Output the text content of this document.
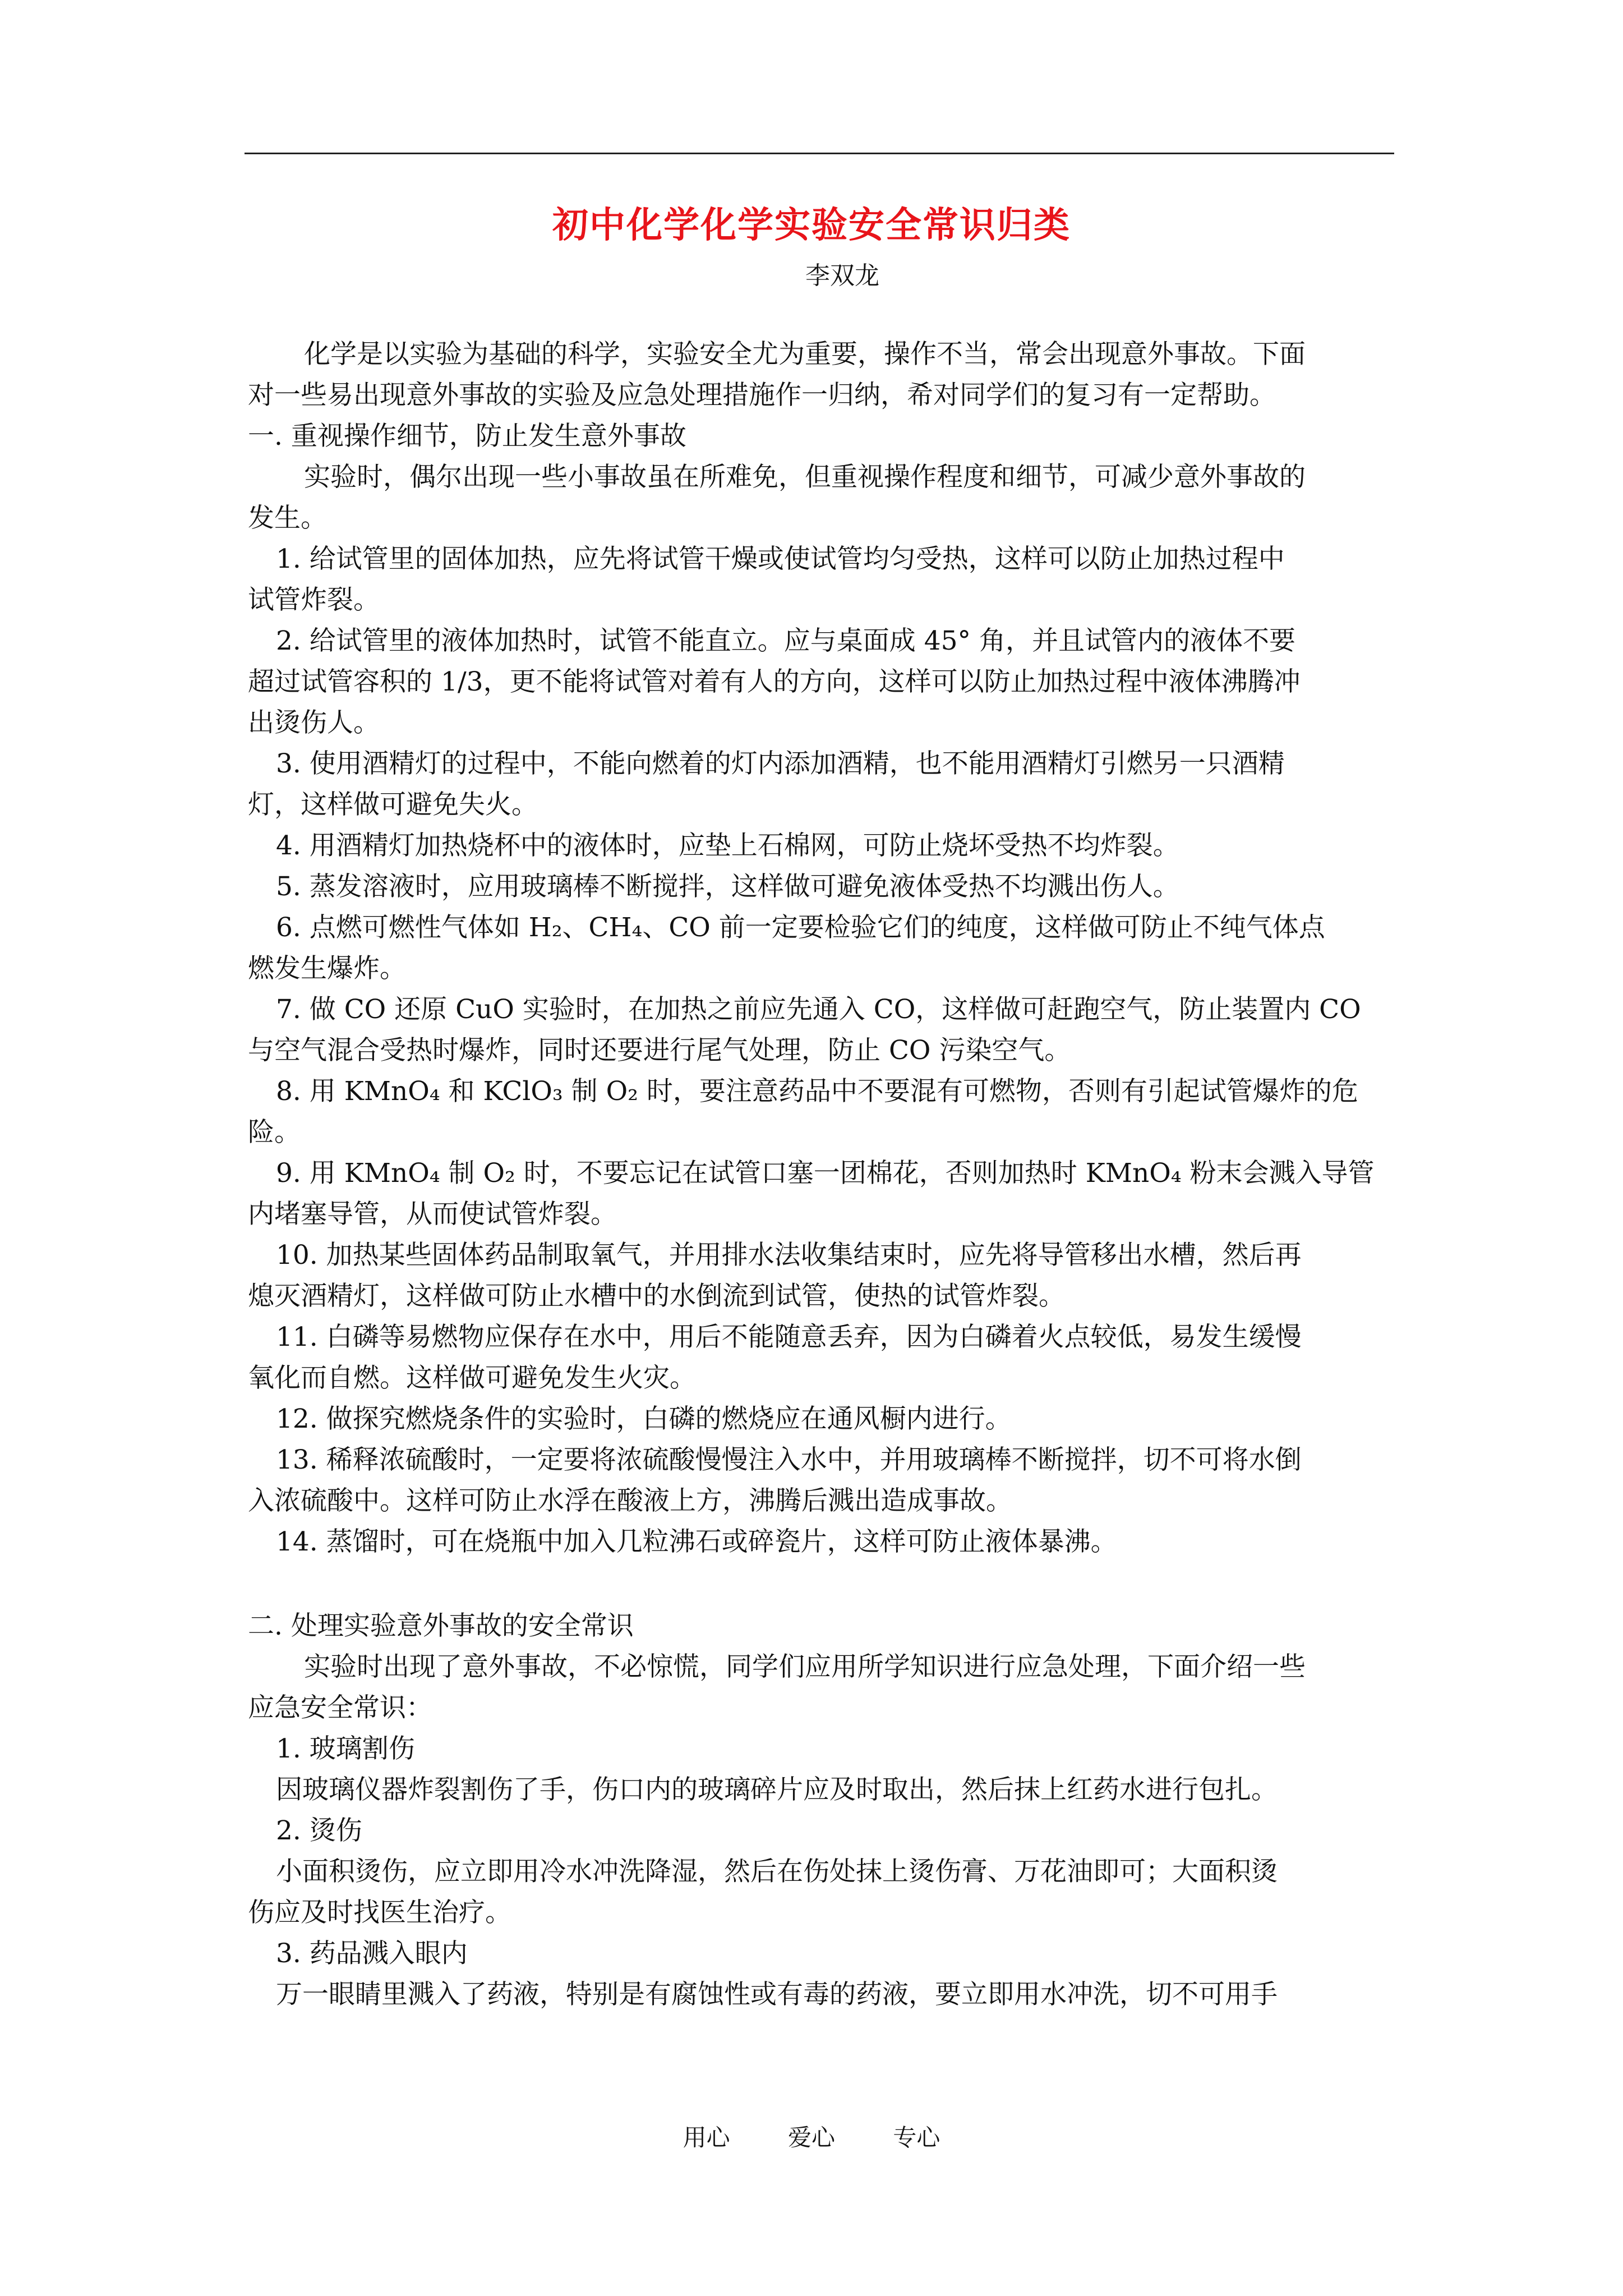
初中化学化学实验安全常识归类
李双龙
化学是以实验为基础的科学，实验安全尤为重要，操作不当，常会出现意外事故。下面
对一些易出现意外事故的实验及应急处理措施作一归纳，希对同学们的复习有一定帮助。
一. 重视操作细节，防止发生意外事故
实验时，偶尔出现一些小事故虽在所难免，但重视操作程度和细节，可减少意外事故的
发生。
1. 给试管里的固体加热，应先将试管干燥或使试管均匀受热，这样可以防止加热过程中
试管炸裂。
2. 给试管里的液体加热时，试管不能直立。应与桌面成 45° 角，并且试管内的液体不要
超过试管容积的 1/3，更不能将试管对着有人的方向，这样可以防止加热过程中液体沸腾冲
出烫伤人。
3. 使用酒精灯的过程中，不能向燃着的灯内添加酒精，也不能用酒精灯引燃另一只酒精
灯，这样做可避免失火。
4. 用酒精灯加热烧杯中的液体时，应垫上石棉网，可防止烧坏受热不均炸裂。
5. 蒸发溶液时，应用玻璃棒不断搅拌，这样做可避免液体受热不均溅出伤人。
6. 点燃可燃性气体如 H₂、CH₄、CO 前一定要检验它们的纯度，这样做可防止不纯气体点
燃发生爆炸。
7. 做 CO 还原 CuO 实验时，在加热之前应先通入 CO，这样做可赶跑空气，防止装置内 CO
与空气混合受热时爆炸，同时还要进行尾气处理，防止 CO 污染空气。
8. 用 KMnO₄ 和 KClO₃ 制 O₂ 时，要注意药品中不要混有可燃物，否则有引起试管爆炸的危
险。
9. 用 KMnO₄ 制 O₂ 时，不要忘记在试管口塞一团棉花，否则加热时 KMnO₄ 粉末会溅入导管
内堵塞导管，从而使试管炸裂。
10. 加热某些固体药品制取氧气，并用排水法收集结束时，应先将导管移出水槽，然后再
熄灭酒精灯，这样做可防止水槽中的水倒流到试管，使热的试管炸裂。
11. 白磷等易燃物应保存在水中，用后不能随意丢弃，因为白磷着火点较低，易发生缓慢
氧化而自燃。这样做可避免发生火灾。
12. 做探究燃烧条件的实验时，白磷的燃烧应在通风橱内进行。
13. 稀释浓硫酸时，一定要将浓硫酸慢慢注入水中，并用玻璃棒不断搅拌，切不可将水倒
入浓硫酸中。这样可防止水浮在酸液上方，沸腾后溅出造成事故。
14. 蒸馏时，可在烧瓶中加入几粒沸石或碎瓷片，这样可防止液体暴沸。
二. 处理实验意外事故的安全常识
实验时出现了意外事故，不必惊慌，同学们应用所学知识进行应急处理，下面介绍一些
应急安全常识：
1. 玻璃割伤
因玻璃仪器炸裂割伤了手，伤口内的玻璃碎片应及时取出，然后抹上红药水进行包扎。
2. 烫伤
小面积烫伤，应立即用冷水冲洗降湿，然后在伤处抹上烫伤膏、万花油即可；大面积烫
伤应及时找医生治疗。
3. 药品溅入眼内
万一眼睛里溅入了药液，特别是有腐蚀性或有毒的药液，要立即用水冲洗，切不可用手
用心 爱心 专心
